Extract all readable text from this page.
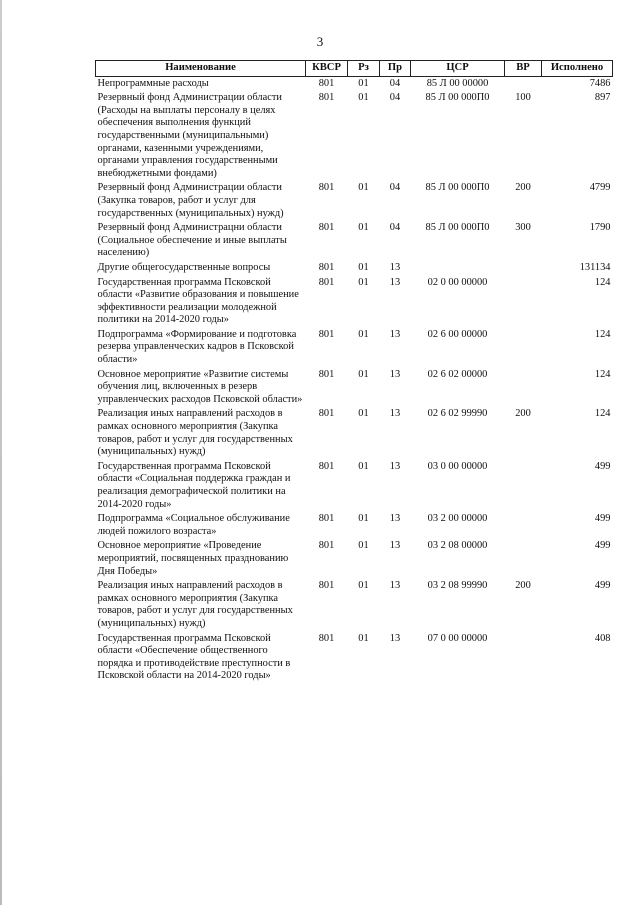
3
Наименование	КВСР	Рз	Пр	ЦСР	ВР	Исполнено
Непрограммные расходы	801	01	04	85 Л 00 00000		7486
Резервный фонд Администрации области (Расходы на выплаты персоналу в целях обеспечения выполнения функций государственными (муниципальными) органами, казенными учреждениями, органами управления государственными внебюджетными фондами)	801	01	04	85 Л 00 000П0	100	897
Резервный фонд Администрации области (Закупка товаров, работ и услуг для государственных (муниципальных) нужд)	801	01	04	85 Л 00 000П0	200	4799
Резервный фонд Администрацни области (Социальное обеспечение и иные выплаты населению)	801	01	04	85 Л 00 000П0	300	1790
Другие общегосударственные вопросы	801	01	13			131134
Государственная программа Псковской области «Развитие образования и повышение эффективности реализации молодежной политики на 2014-2020 годы»	801	01	13	02 0 00 00000		124
Подпрограмма «Формирование и подготовка резерва управленческих кадров в Псковской области»	801	01	13	02 6 00 00000		124
Основное мероприятие «Развитие системы обучения лиц, включенных в резерв управленческих расходов Псковской области»	801	01	13	02 6 02 00000		124
Реализация иных направлений расходов в рамках основного мероприятия (Закупка товаров, работ и услуг для государственных (муниципальных) нужд)	801	01	13	02 6 02 99990	200	124
Государственная программа Псковской области «Социальная поддержка граждан и реализация демографической политики на 2014-2020 годы»	801	01	13	03 0 00 00000		499
Подпрограмма «Социальное обслуживание людей пожилого возраста»	801	01	13	03 2 00 00000		499
Основное мероприятие «Проведение мероприятий, посвященных празднованию Дня Победы»	801	01	13	03 2 08 00000		499
Реализация иных направлений расходов в рамках основного мероприятия (Закупка товаров, работ и услуг для государственных (муниципальных) нужд)	801	01	13	03 2 08 99990	200	499
Государственная программа Псковской области «Обеспечение общественного порядка и противодействие преступности в Псковской области на 2014-2020 годы»	801	01	13	07 0 00 00000		408
